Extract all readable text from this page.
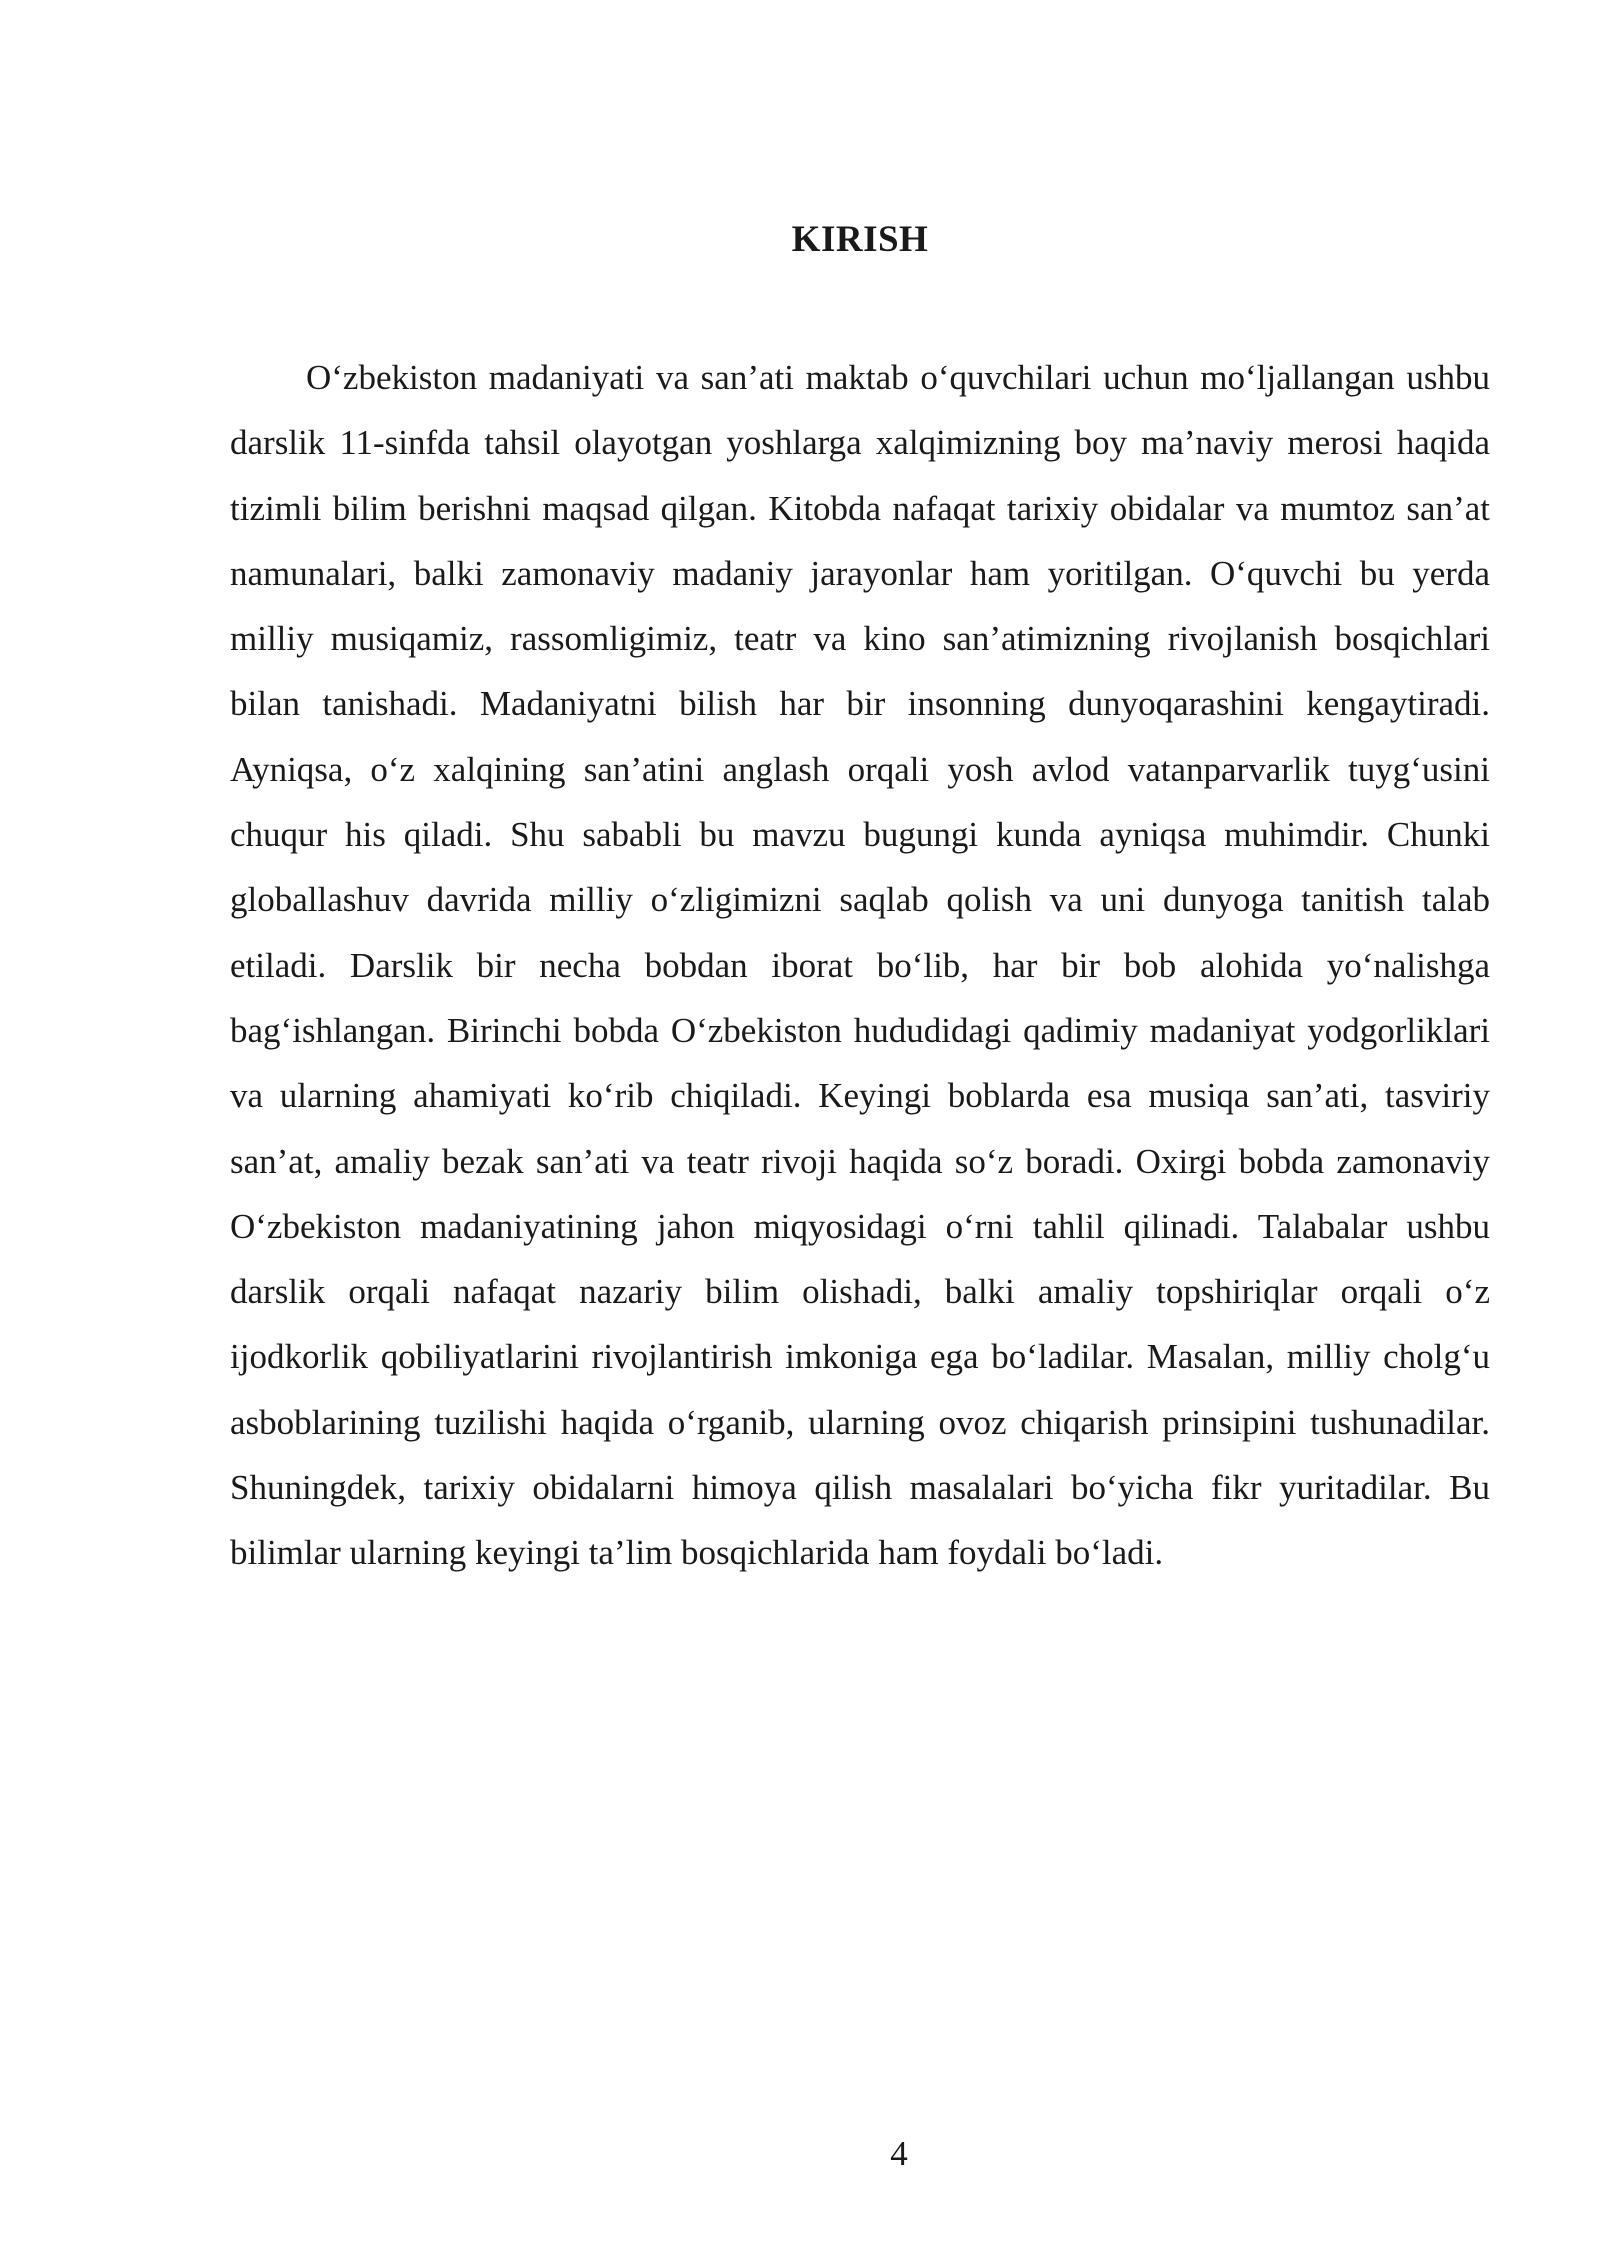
KIRISH

O‘zbekiston madaniyati va san’ati maktab o‘quvchilari uchun mo‘ljallangan ushbu darslik 11-sinfda tahsil olayotgan yoshlarga xalqimizning boy ma’naviy merosi haqida tizimli bilim berishni maqsad qilgan. Kitobda nafaqat tarixiy obidalar va mumtoz san’at namunalari, balki zamonaviy madaniy jarayonlar ham yoritilgan. O‘quvchi bu yerda milliy musiqamiz, rassomligimiz, teatr va kino san’atimizning rivojlanish bosqichlari bilan tanishadi. Madaniyatni bilish har bir insonning dunyoqarashini kengaytiradi. Ayniqsa, o‘z xalqining san’atini anglash orqali yosh avlod vatanparvarlik tuyg‘usini chuqur his qiladi. Shu sababli bu mavzu bugungi kunda ayniqsa muhimdir. Chunki globallashuv davrida milliy o‘zligimizni saqlab qolish va uni dunyoga tanitish talab etiladi. Darslik bir necha bobdan iborat bo‘lib, har bir bob alohida yo‘nalishga bag‘ishlangan. Birinchi bobda O‘zbekiston hududidagi qadimiy madaniyat yodgorliklari va ularning ahamiyati ko‘rib chiqiladi. Keyingi boblarda esa musiqa san’ati, tasviriy san’at, amaliy bezak san’ati va teatr rivoji haqida so‘z boradi. Oxirgi bobda zamonaviy O‘zbekiston madaniyatining jahon miqyosidagi o‘rni tahlil qilinadi. Talabalar ushbu darslik orqali nafaqat nazariy bilim olishadi, balki amaliy topshiriqlar orqali o‘z ijodkorlik qobiliyatlarini rivojlantirish imkoniga ega bo‘ladilar. Masalan, milliy cholg‘u asboblarining tuzilishi haqida o‘rganib, ularning ovoz chiqarish prinsipini tushunadilar. Shuningdek, tarixiy obidalarni himoya qilish masalalari bo‘yicha fikr yuritadilar. Bu bilimlar ularning keyingi ta’lim bosqichlarida ham foydali bo‘ladi.

4
